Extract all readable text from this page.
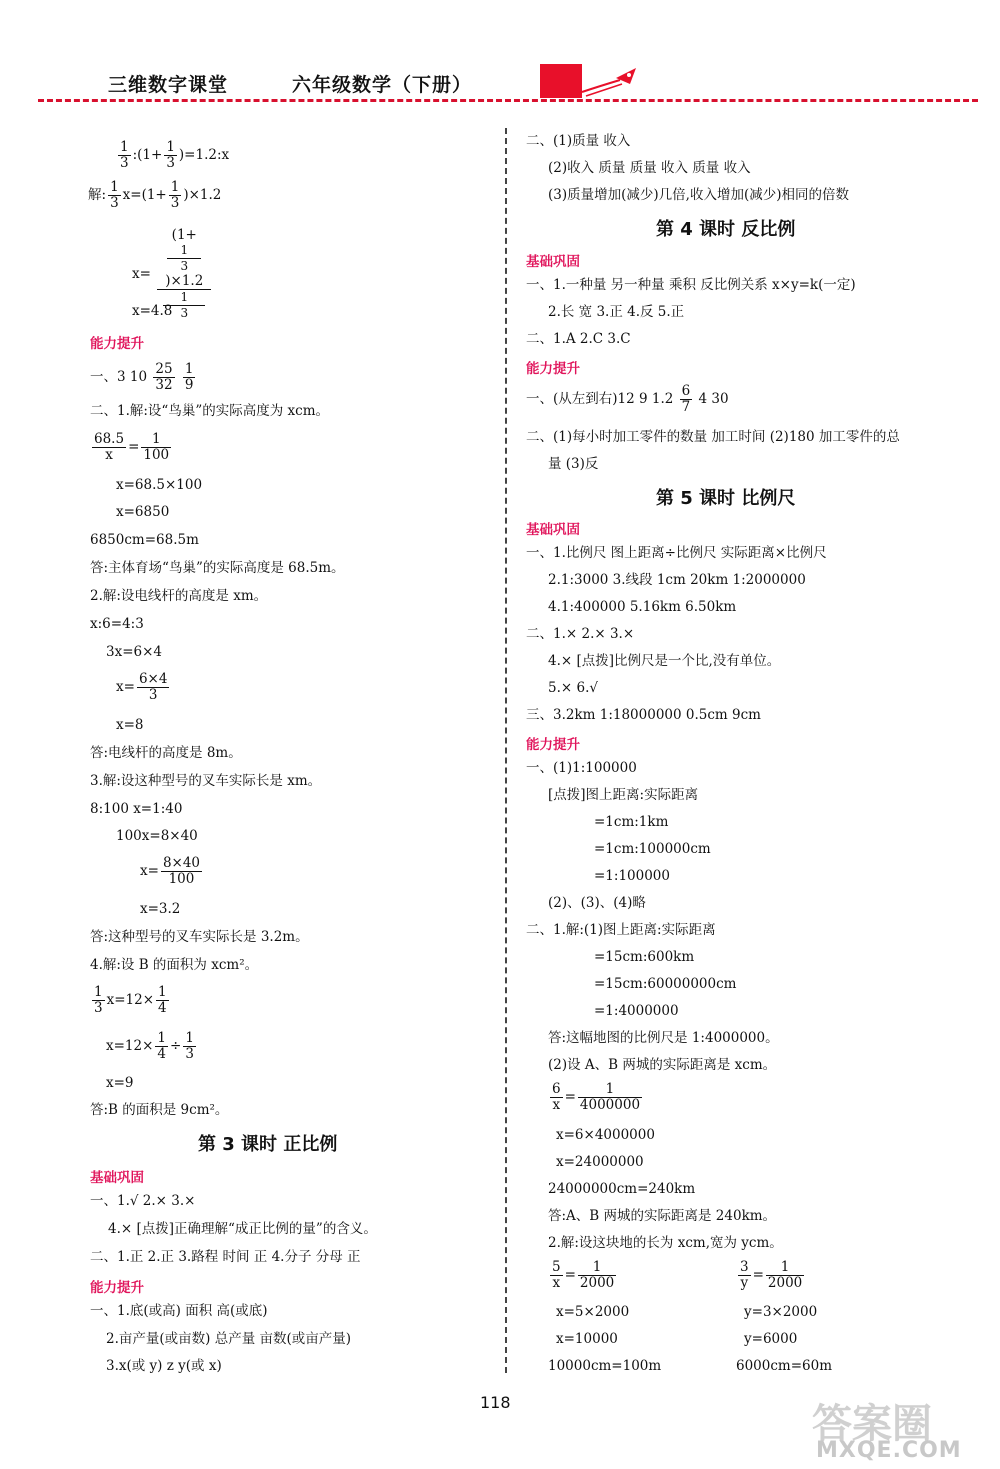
三维数字课堂	六年级数学（下册）
$\frac{1}{3}$ :(1+ $\frac{1}{3}$ )=1.2:x
解: $\frac{1}{3} x=(1+ \frac{1}{3} )\times 1.2$
x= (1+
1
3
)×1.2
1
3
x=4.8
能力提升
一、3 $10 \frac{25}{32}$
$\frac{1}{9}$
二、1.解:设“鸟巢”的实际高度为 xcm。
$\frac{68.5}{x} = \frac{1}{100}$
x=68.5×100
x=6850
6850cm=68.5m
答:主体育场“鸟巢”的实际高度是 68.5m。
2.解:设电线杆的高度是 xm。
x:6=4:3
3x=6×4
$x= \frac{6\times 4}{3}$
x=8
答:电线杆的高度是 8m。
3.解:设这种型号的叉车实际长是 xm。
8:100 x=1:40
100x=8×40
$x= \frac{8\times 40}{100}$
x=3.2
答:这种型号的叉车实际长是 3.2m。
4.解:设 B 的面积为 xcm²。
$\frac{1}{3} x=12\times \frac{1}{4}$
$x=12\times \frac{1}{4} \div \frac{1}{3}$
x=9
答:B 的面积是 9cm²。
第 3 课时 正比例
基础巩固
一、1.√ 2.× 3.×
4.× [点拨]正确理解“成正比例的量”的含义。
二、1.正 2.正 3.路程 时间 正 4.分子 分母 正
能力提升
一、1.底(或高) 面积 高(或底)
2.亩产量(或亩数) 总产量 亩数(或亩产量)
3.x(或 y) z y(或 x)
二、(1)质量 收入
(2)收入 质量 质量 收入 质量 收入
(3)质量增加(减少)几倍,收入增加(减少)相同的倍数
第 4 课时 反比例
基础巩固
一、1.一种量 另一种量 乘积 反比例关系 x×y=k(一定)
2.长 宽 3.正 4.反 5.正
二、1.A 2.C 3.C
能力提升
一、(从左到右)12 9 $1.2 \frac{6}{7} 4$ 30
二、(1)每小时加工零件的数量 加工时间 (2)180 加工零件的总
量 (3)反
第 5 课时 比例尺
基础巩固
一、1.比例尺 图上距离÷比例尺 实际距离×比例尺
2.1:3000 3.线段 1cm 20km 1:2000000
4.1:400000 5.16km 6.50km
二、1.× 2.× 3.×
4.× [点拨]比例尺是一个比,没有单位。
5.× 6.√
三、3.2km 1:18000000 0.5cm 9cm
能力提升
一、(1)1:100000
[点拨]图上距离:实际距离
=1cm:1km
=1cm:100000cm
=1:100000
(2)、(3)、(4)略
二、1.解:(1)图上距离:实际距离
=15cm:600km
=15cm:60000000cm
=1:4000000
答:这幅地图的比例尺是 1:4000000。
(2)设 A、B 两城的实际距离是 xcm。
$\frac{6}{x} = \frac{1}{4000000}$
x=6×4000000
x=24000000
24000000cm=240km
答:A、B 两城的实际距离是 240km。
2.解:设这块地的长为 xcm,宽为 ycm。
$\frac{5}{x} = \frac{1}{2000}$	$\frac{3}{y} = \frac{1}{2000}$
x=5×2000	y=3×2000
x=10000	y=6000
10000cm=100m	6000cm=60m
118	答案圈
MXQE.COM
